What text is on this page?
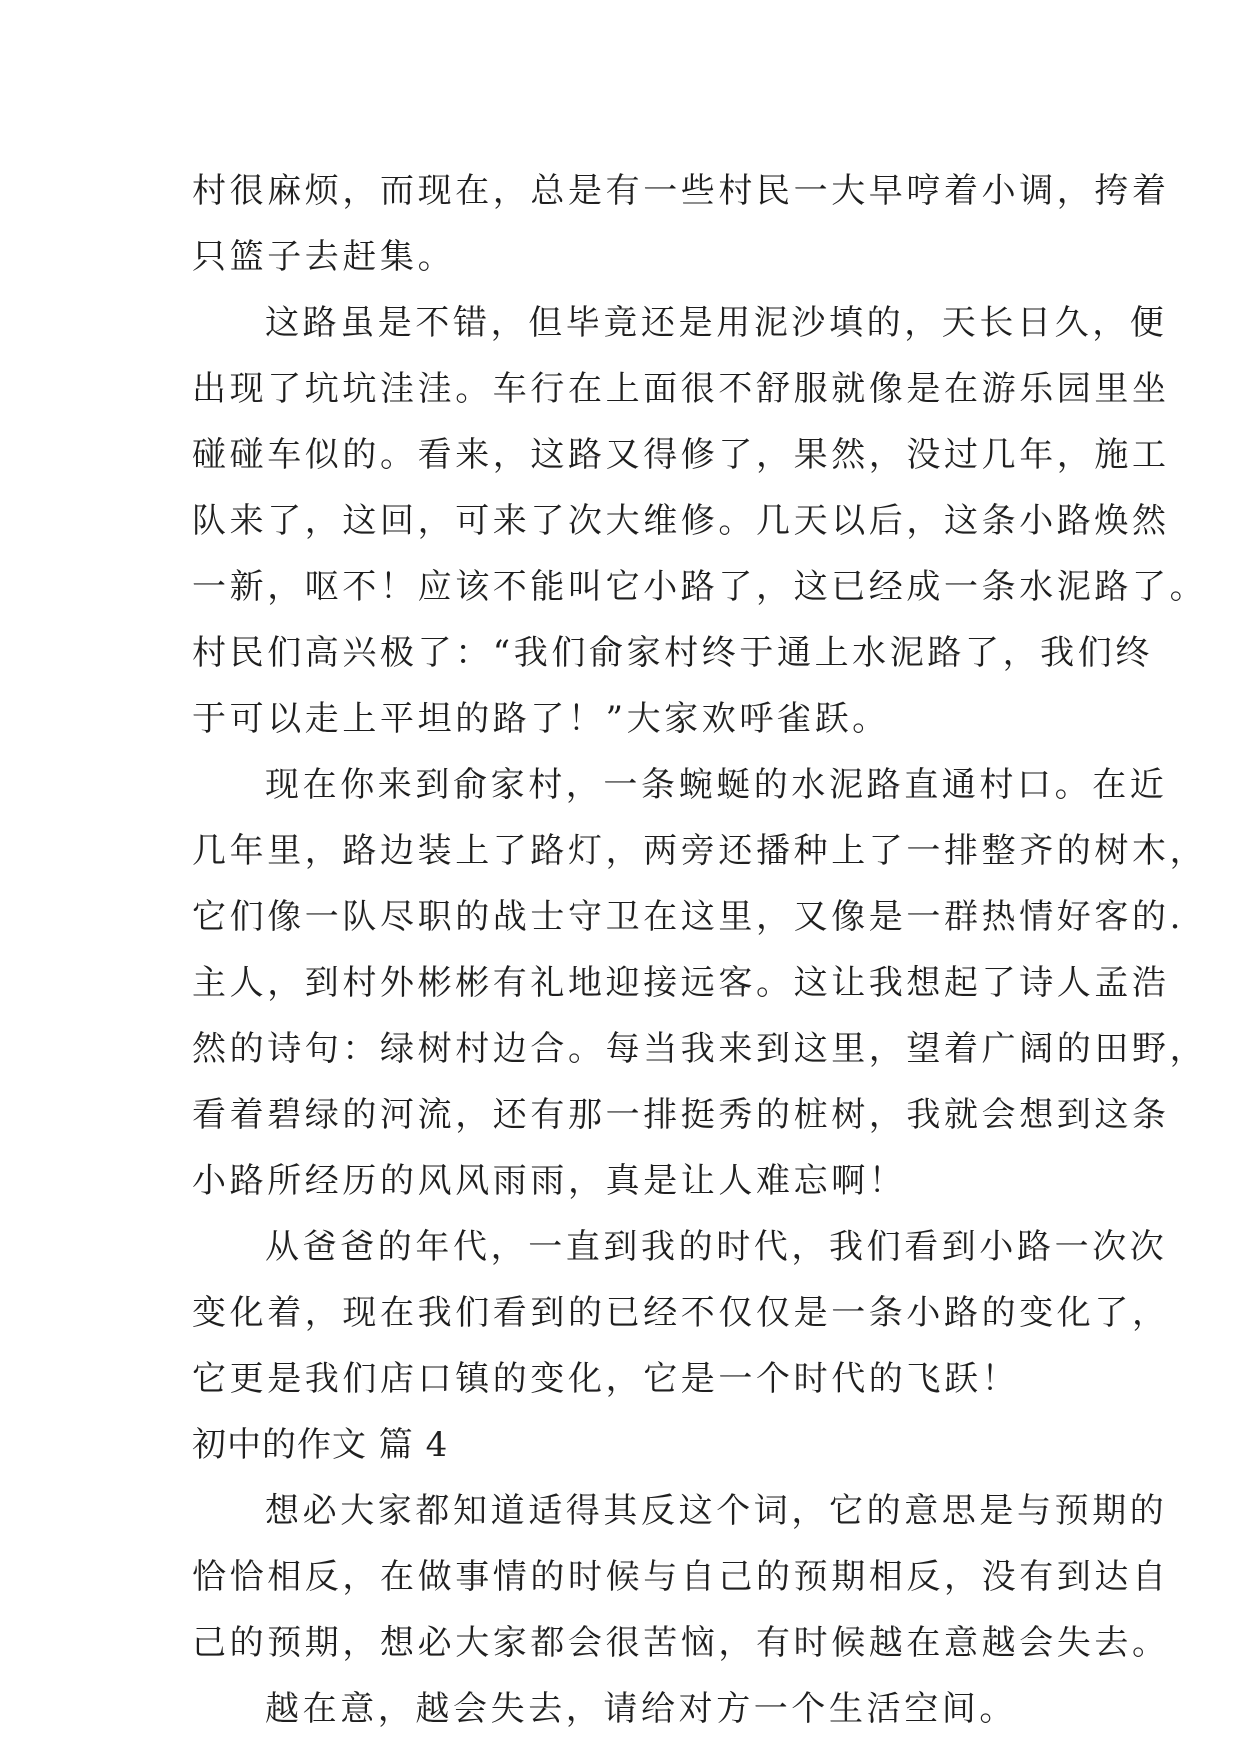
村很麻烦，而现在，总是有一些村民一大早哼着小调，挎着
只篮子去赶集。
这路虽是不错，但毕竟还是用泥沙填的，天长日久，便
出现了坑坑洼洼。车行在上面很不舒服就像是在游乐园里坐
碰碰车似的。看来，这路又得修了，果然，没过几年，施工
队来了，这回，可来了次大维修。几天以后，这条小路焕然
一新，呕不！应该不能叫它小路了，这已经成一条水泥路了。
村民们高兴极了：“我们俞家村终于通上水泥路了，我们终
于可以走上平坦的路了！”大家欢呼雀跃。
现在你来到俞家村，一条蜿蜒的水泥路直通村口。在近
几年里，路边装上了路灯，两旁还播种上了一排整齐的树木，
它们像一队尽职的战士守卫在这里，又像是一群热情好客的.
主人，到村外彬彬有礼地迎接远客。这让我想起了诗人孟浩
然的诗句：绿树村边合。每当我来到这里，望着广阔的田野，
看着碧绿的河流，还有那一排挺秀的桩树，我就会想到这条
小路所经历的风风雨雨，真是让人难忘啊！
从爸爸的年代，一直到我的时代，我们看到小路一次次
变化着，现在我们看到的已经不仅仅是一条小路的变化了，
它更是我们店口镇的变化，它是一个时代的飞跃！
初中的作文 篇 4
想必大家都知道适得其反这个词，它的意思是与预期的
恰恰相反，在做事情的时候与自己的预期相反，没有到达自
己的预期，想必大家都会很苦恼，有时候越在意越会失去。
越在意，越会失去，请给对方一个生活空间。
